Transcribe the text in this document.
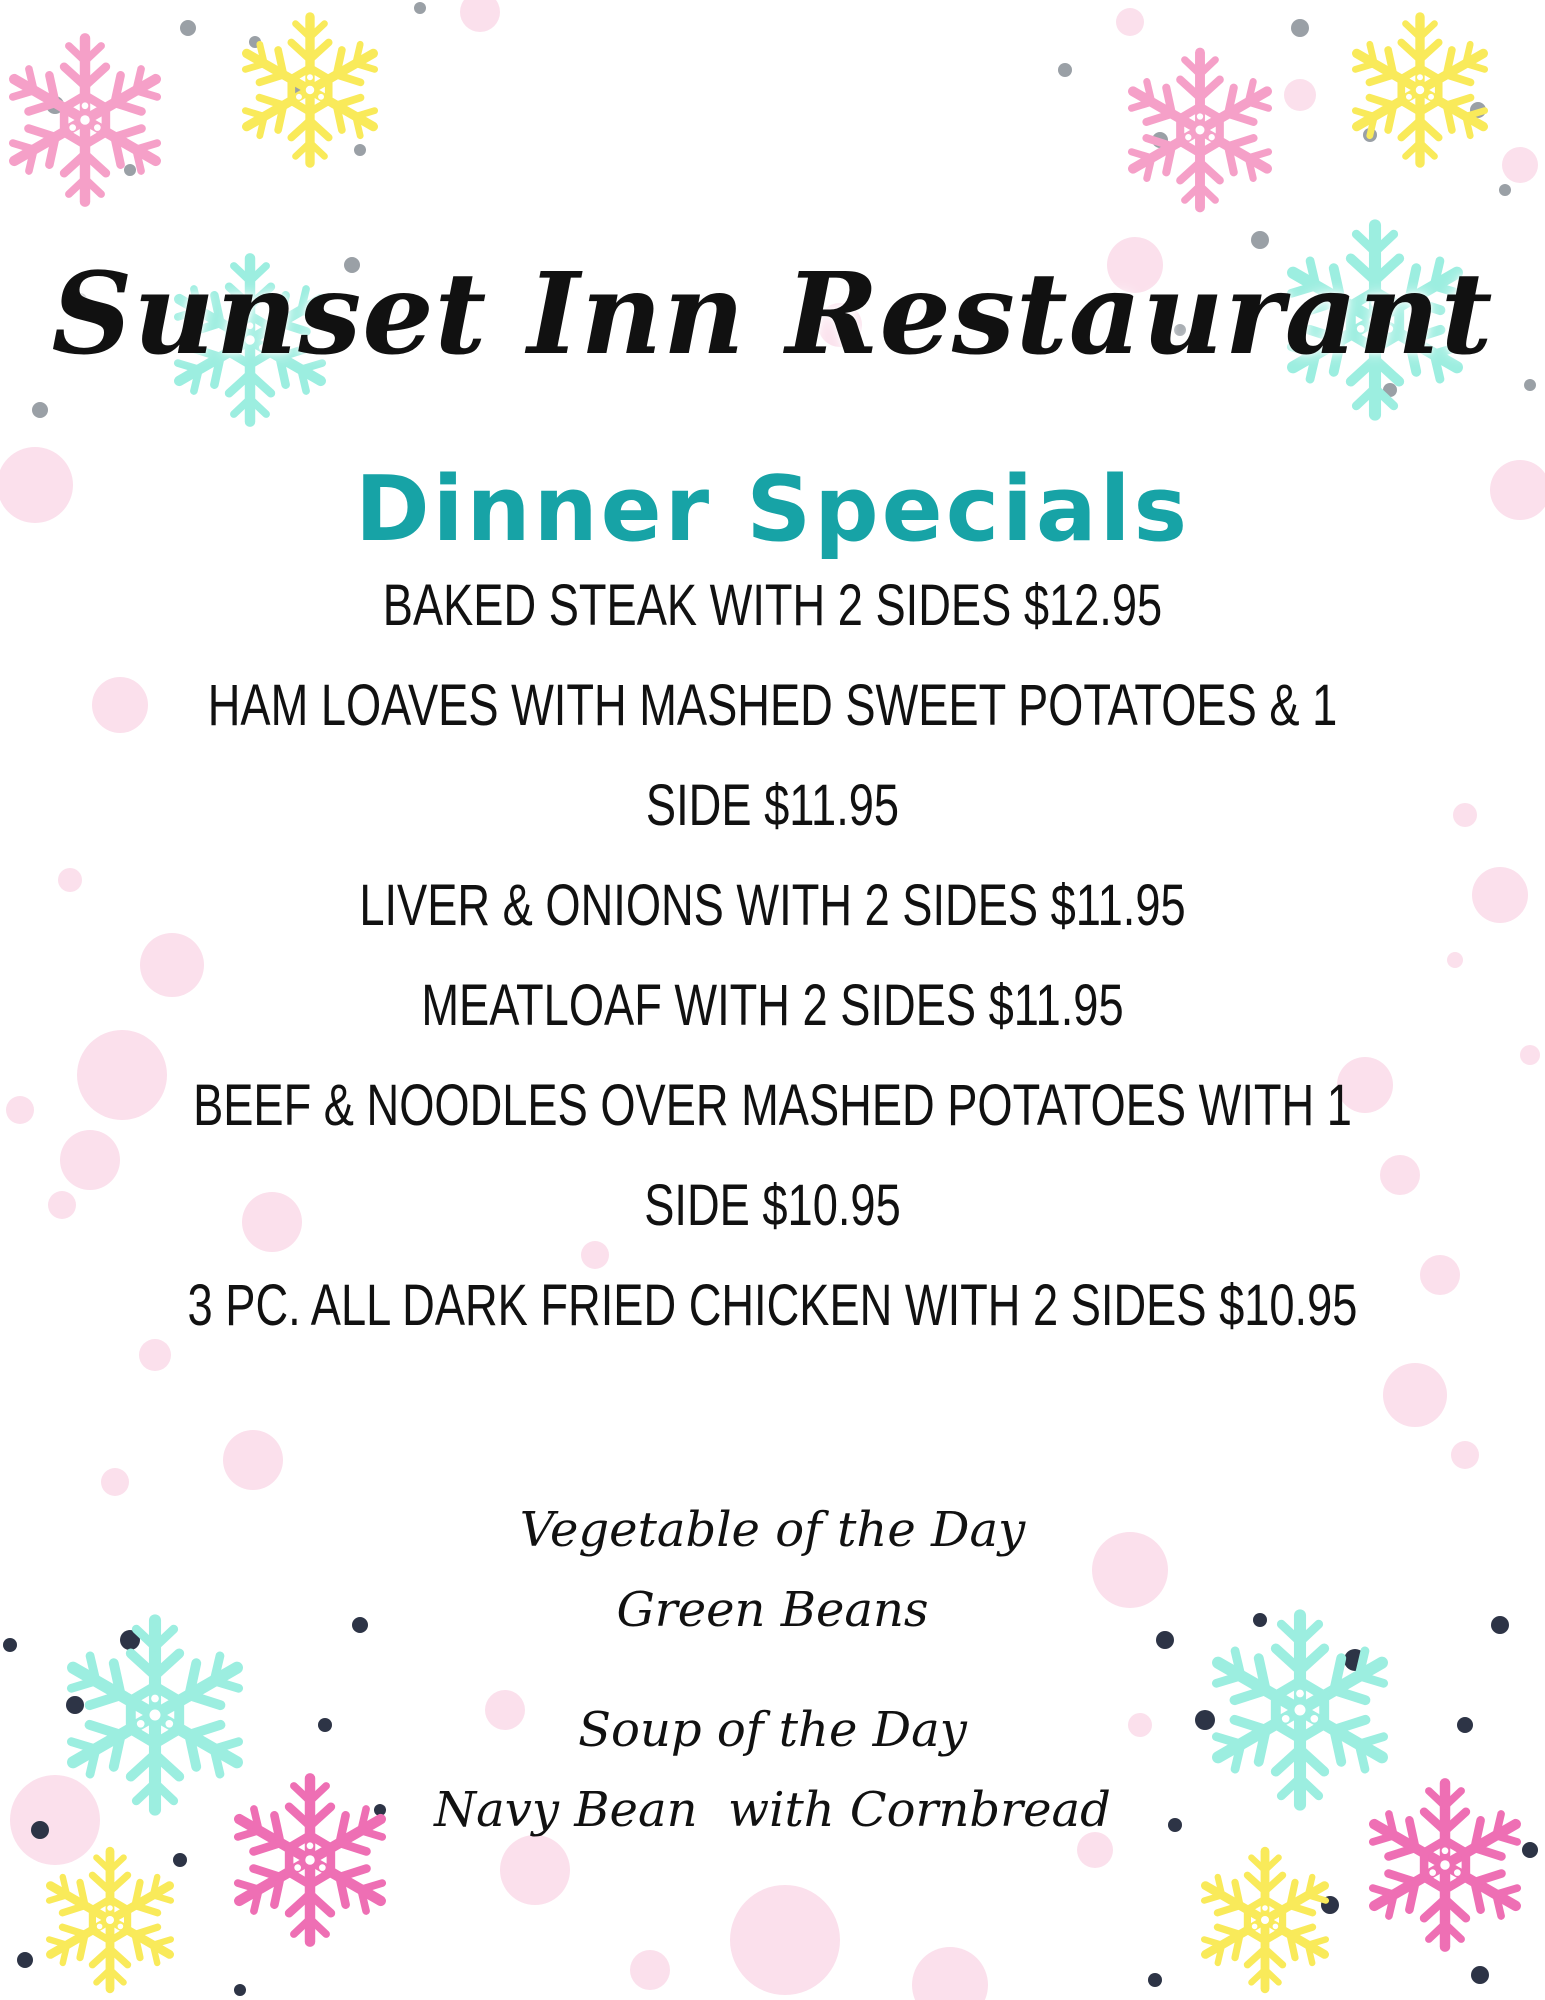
Sunset Inn Restaurant
Dinner Specials
BAKED STEAK WITH 2 SIDES $12.95
HAM LOAVES WITH MASHED SWEET POTATOES & 1
SIDE $11.95
LIVER & ONIONS WITH 2 SIDES $11.95
MEATLOAF WITH 2 SIDES $11.95
BEEF & NOODLES OVER MASHED POTATOES WITH 1
SIDE $10.95
3 PC. ALL DARK FRIED CHICKEN WITH 2 SIDES $10.95
Vegetable of the Day
Green Beans
Soup of the Day
Navy Bean  with Cornbread
